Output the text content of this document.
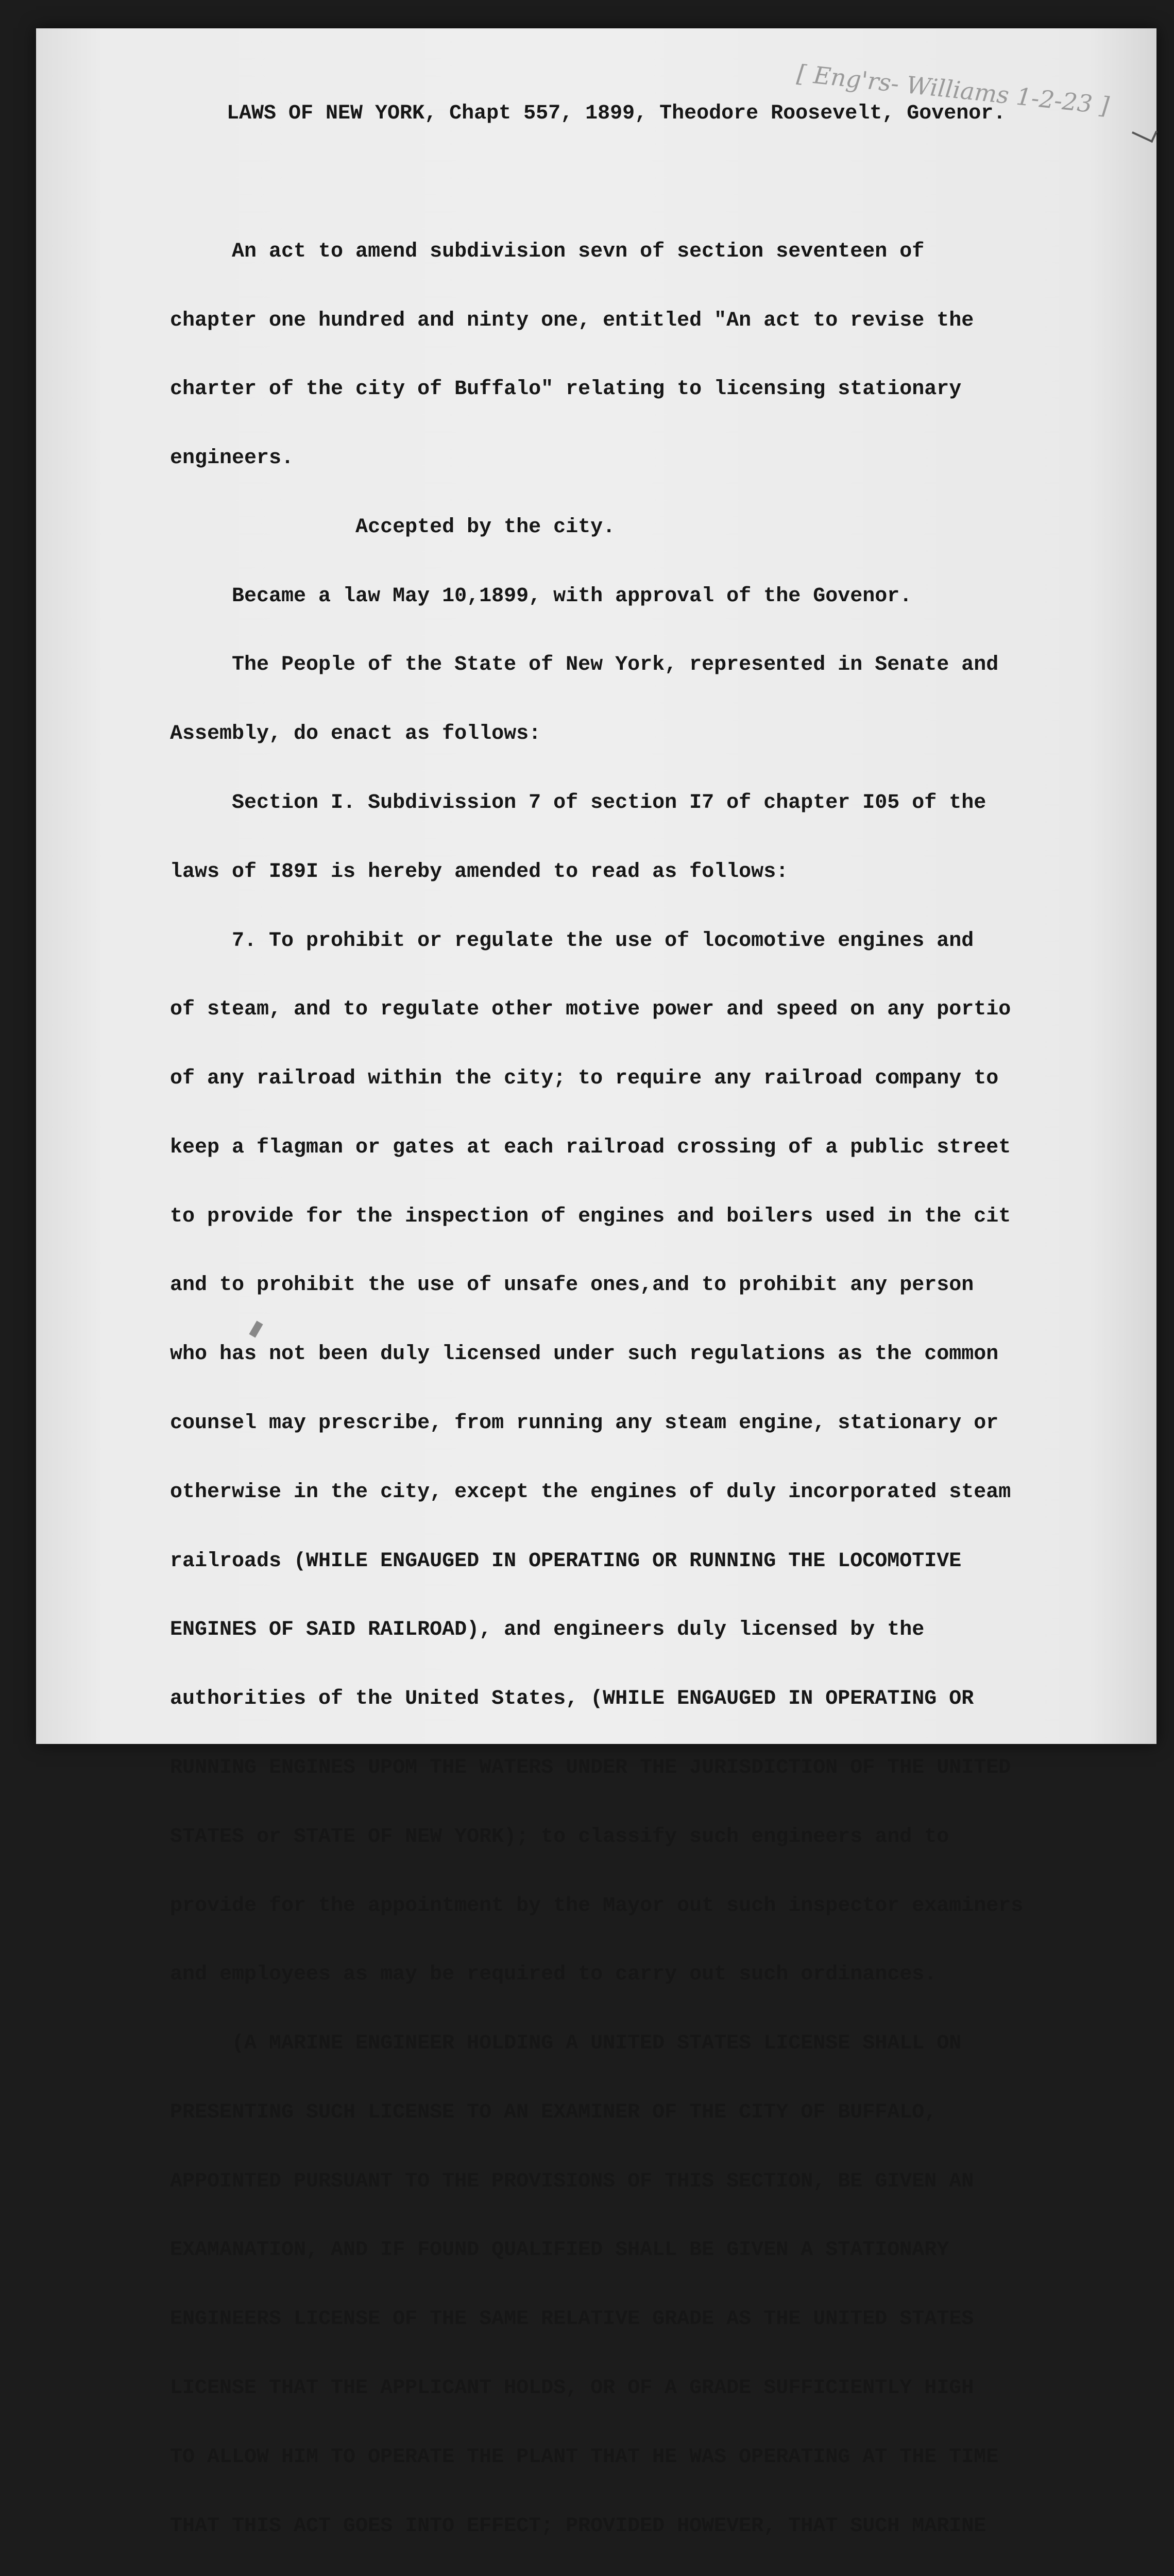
[ Eng'rs- Williams 1-2-23 ]

LAWS OF NEW YORK, Chapt 557, 1899, Theodore Roosevelt, Govenor.

An act to amend subdivision sevn of section seventeen of

chapter one hundred and ninty one, entitled "An act to revise the

charter of the city of Buffalo" relating to licensing stationary

engineers.

Accepted by the city.

Became a law May 10,1899, with approval of the Govenor.

The People of the State of New York, represented in Senate and

Assembly, do enact as follows:

Section I. Subdivission 7 of section I7 of chapter I05 of the

laws of I89I is hereby amended to read as follows:

7. To prohibit or regulate the use of locomotive engines and

of steam, and to regulate other motive power and speed on any portio

of any railroad within the city; to require any railroad company to

keep a flagman or gates at each railroad crossing of a public street

to provide for the inspection of engines and boilers used in the cit

and to prohibit the use of unsafe ones,and to prohibit any person

who has not been duly licensed under such regulations as the common

counsel may prescribe, from running any steam engine, stationary or

otherwise in the city, except the engines of duly incorporated steam

railroads (WHILE ENGAUGED IN OPERATING OR RUNNING THE LOCOMOTIVE

ENGINES OF SAID RAILROAD), and engineers duly licensed by the

authorities of the United States, (WHILE ENGAUGED IN OPERATING OR

RUNNING ENGINES UPOM THE WATERS UNDER THE JURISDICTION OF THE UNITED

STATES or STATE OF NEW YORK); to classify such engineers and to

provide for the appointment by the Mayor out such inspector examiners

and employees as may be required to carry out such ordinances.

(A MARINE ENGINEER HOLDING A UNITED STATES LICENSE SHALL ON

PRESENTING SUCH LICENSE TO AN EXAMINER OF THE CITY OF BUFFALO,

APPOINTED PURSUANT TO THE PROVISIONS OF THIS SECTION, BE GIVEN AN

EXAMANATION, AND IF FOUND QUALIFIED SHALL BE GIVEN A STATIONARY

ENGINEERS LICENSE OF THE SAME RELATIVE GRADE AS THE UNITED STATES

LICENSE THAT THE APPLICANT HOLDS, OR OF A GRADE SUFFICIENTLY HIGH

TO ALLOW HIM TO OPERATE THE PLANT THAT HE WAS OPERATING AT THE TIME

THAT THIS ACT GOES INTO EFFECT; PROVIDED HOWEVER, THAT SUCH MARINE
